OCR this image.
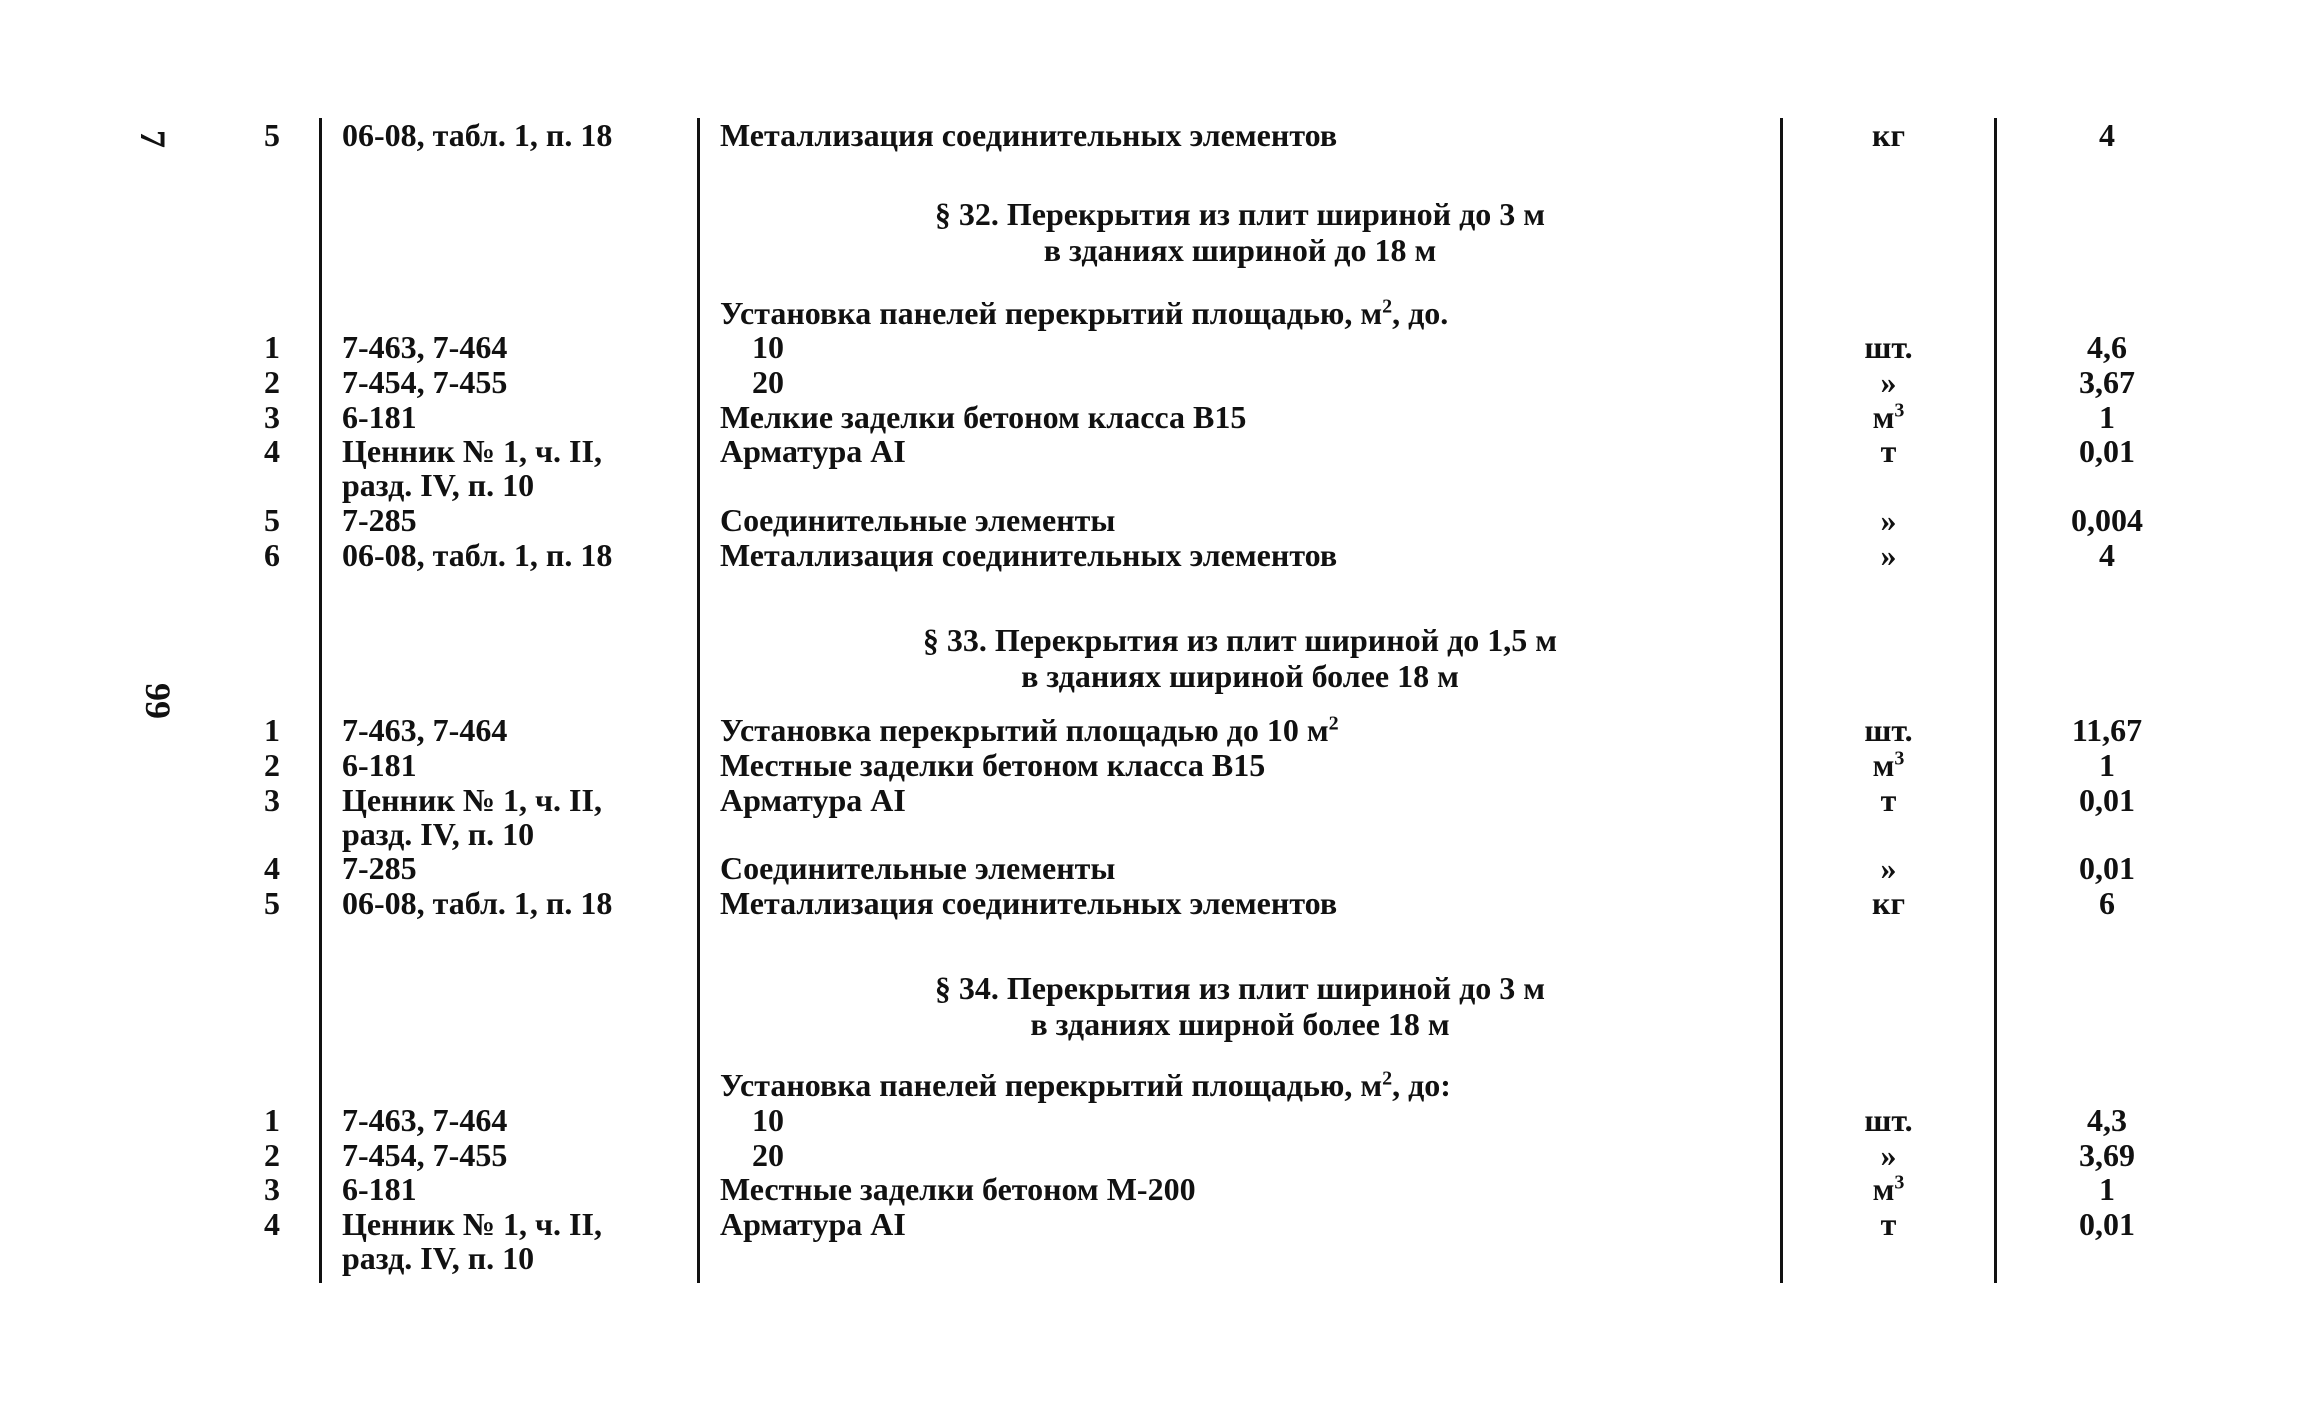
7
99
5 06-08, табл. 1, п. 18	Металлизация соединительных элементов	кг	4
§ 32. Перекрытия из плит шириной до 3 м
в зданиях шириной до 18 м
Установка панелей перекрытий площадью, $м^2$, до.
1 7-463, 7-464	10	шт.	4,6
2 7-454, 7-455	20	»	3,67
3 6-181	Мелкие заделки бетоном класса В15	$м^3$	1
4 Ценник № 1, ч. II,	Арматура АI	т	0,01
разд. IV, п. 10
5 7-285	Соединительные элементы	»	0,004
6 06-08, табл. 1, п. 18	Металлизация соединительных элементов	»	4
§ 33. Перекрытия из плит шириной до 1,5 м
в зданиях шириной более 18 м
1 7-463, 7-464	Установка перекрытий площадью до 10 $м^2$	шт.	11,67
2 6-181	Местные заделки бетоном класса В15	$м^3$	1
3 Ценник № 1, ч. II,	Арматура АI	т	0,01
разд. IV, п. 10
4 7-285	Соединительные элементы	»	0,01
5 06-08, табл. 1, п. 18	Металлизация соединительных элементов	кг	6
§ 34. Перекрытия из плит шириной до 3 м
в зданиях ширной более 18 м
Установка панелей перекрытий площадью, $м^2$, до:
1 7-463, 7-464	10	шт.	4,3
2 7-454, 7-455	20	»	3,69
3 6-181	Местные заделки бетоном М-200	$м^3$	1
4 Ценник № 1, ч. II,	Арматура АI	т	0,01
разд. IV, п. 10
